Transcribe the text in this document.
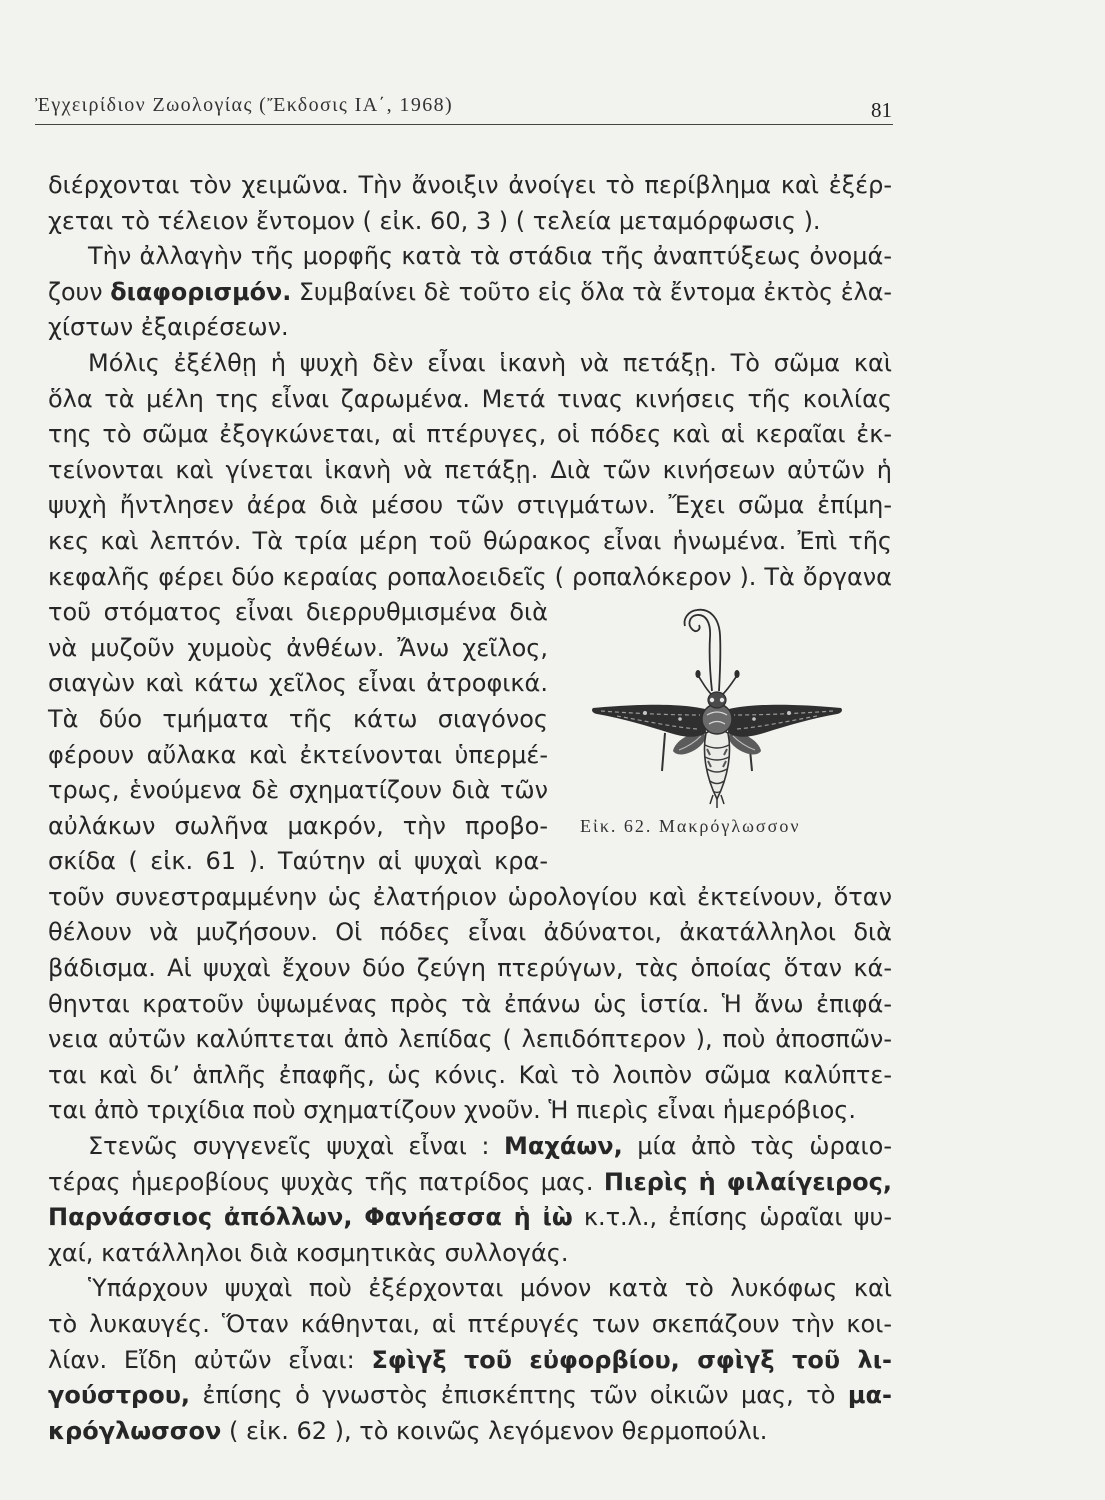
Ἐγχειρίδιον Ζωολογίας (Ἔκδοσις ΙΑ΄, 1968)	81
διέρχονται τὸν χειμῶνα. Τὴν ἄνοιξιν ἀνοίγει τὸ περίβλημα καὶ ἐξέρ-
χεται τὸ τέλειον ἔντομον ( εἰκ. 60, 3 ) ( τελεία μεταμόρφωσις ).
Τὴν ἀλλαγὴν τῆς μορφῆς κατὰ τὰ στάδια τῆς ἀναπτύξεως ὀνομά-
ζουν διαφορισμόν. Συμβαίνει δὲ τοῦτο εἰς ὅλα τὰ ἔντομα ἐκτὸς ἐλα-
χίστων ἐξαιρέσεων.
Μόλις ἐξέλθῃ ἡ ψυχὴ δὲν εἶναι ἱκανὴ νὰ πετάξῃ. Τὸ σῶμα καὶ
ὅλα τὰ μέλη της εἶναι ζαρωμένα. Μετά τινας κινήσεις τῆς κοιλίας
της τὸ σῶμα ἐξογκώνεται, αἱ πτέρυγες, οἱ πόδες καὶ αἱ κεραῖαι ἐκ-
τείνονται καὶ γίνεται ἱκανὴ νὰ πετάξῃ. Διὰ τῶν κινήσεων αὐτῶν ἡ
ψυχὴ ἤντλησεν ἀέρα διὰ μέσου τῶν στιγμάτων. Ἔχει σῶμα ἐπίμη-
κες καὶ λεπτόν. Τὰ τρία μέρη τοῦ θώρακος εἶναι ἡνωμένα. Ἐπὶ τῆς
κεφαλῆς φέρει δύο κεραίας ροπαλοειδεῖς ( ροπαλόκερον ). Τὰ ὄργανα
τοῦ στόματος εἶναι διερρυθμισμένα διὰ
νὰ μυζοῦν χυμοὺς ἀνθέων. Ἄνω χεῖλος,
σιαγὼν καὶ κάτω χεῖλος εἶναι ἀτροφικά.
Τὰ δύο τμήματα τῆς κάτω σιαγόνος
φέρουν αὔλακα καὶ ἐκτείνονται ὑπερμέ-
τρως, ἑνούμενα δὲ σχηματίζουν διὰ τῶν
αὐλάκων σωλῆνα μακρόν, τὴν προβο-
σκίδα ( εἰκ. 61 ). Ταύτην αἱ ψυχαὶ κρα-
τοῦν συνεστραμμένην ὡς ἐλατήριον ὡρολογίου καὶ ἐκτείνουν, ὅταν
θέλουν νὰ μυζήσουν. Οἱ πόδες εἶναι ἀδύνατοι, ἀκατάλληλοι διὰ
βάδισμα. Αἱ ψυχαὶ ἔχουν δύο ζεύγη πτερύγων, τὰς ὁποίας ὅταν κά-
θηνται κρατοῦν ὑψωμένας πρὸς τὰ ἐπάνω ὡς ἱστία. Ἡ ἄνω ἐπιφά-
νεια αὐτῶν καλύπτεται ἀπὸ λεπίδας ( λεπιδόπτερον ), ποὺ ἀποσπῶν-
ται καὶ δι’ ἁπλῆς ἐπαφῆς, ὡς κόνις. Καὶ τὸ λοιπὸν σῶμα καλύπτε-
ται ἀπὸ τριχίδια ποὺ σχηματίζουν χνοῦν. Ἡ πιερὶς εἶναι ἡμερόβιος.
Στενῶς συγγενεῖς ψυχαὶ εἶναι : Μαχάων, μία ἀπὸ τὰς ὡραιο-
τέρας ἡμεροβίους ψυχὰς τῆς πατρίδος μας. Πιερὶς ἡ φιλαίγειρος,
Παρνάσσιος ἀπόλλων, Φανήεσσα ἡ ἰὼ κ.τ.λ., ἐπίσης ὡραῖαι ψυ-
χαί, κατάλληλοι διὰ κοσμητικὰς συλλογάς.
Ὑπάρχουν ψυχαὶ ποὺ ἐξέρχονται μόνον κατὰ τὸ λυκόφως καὶ
τὸ λυκαυγές. Ὅταν κάθηνται, αἱ πτέρυγές των σκεπάζουν τὴν κοι-
λίαν. Εἴδη αὐτῶν εἶναι: Σφὶγξ τοῦ εὐφορβίου, σφὶγξ τοῦ λι-
γούστρου, ἐπίσης ὁ γνωστὸς ἐπισκέπτης τῶν οἰκιῶν μας, τὸ μα-
κρόγλωσσον ( εἰκ. 62 ), τὸ κοινῶς λεγόμενον θερμοπούλι.
Εἰκ. 62. Μακρόγλωσσον
